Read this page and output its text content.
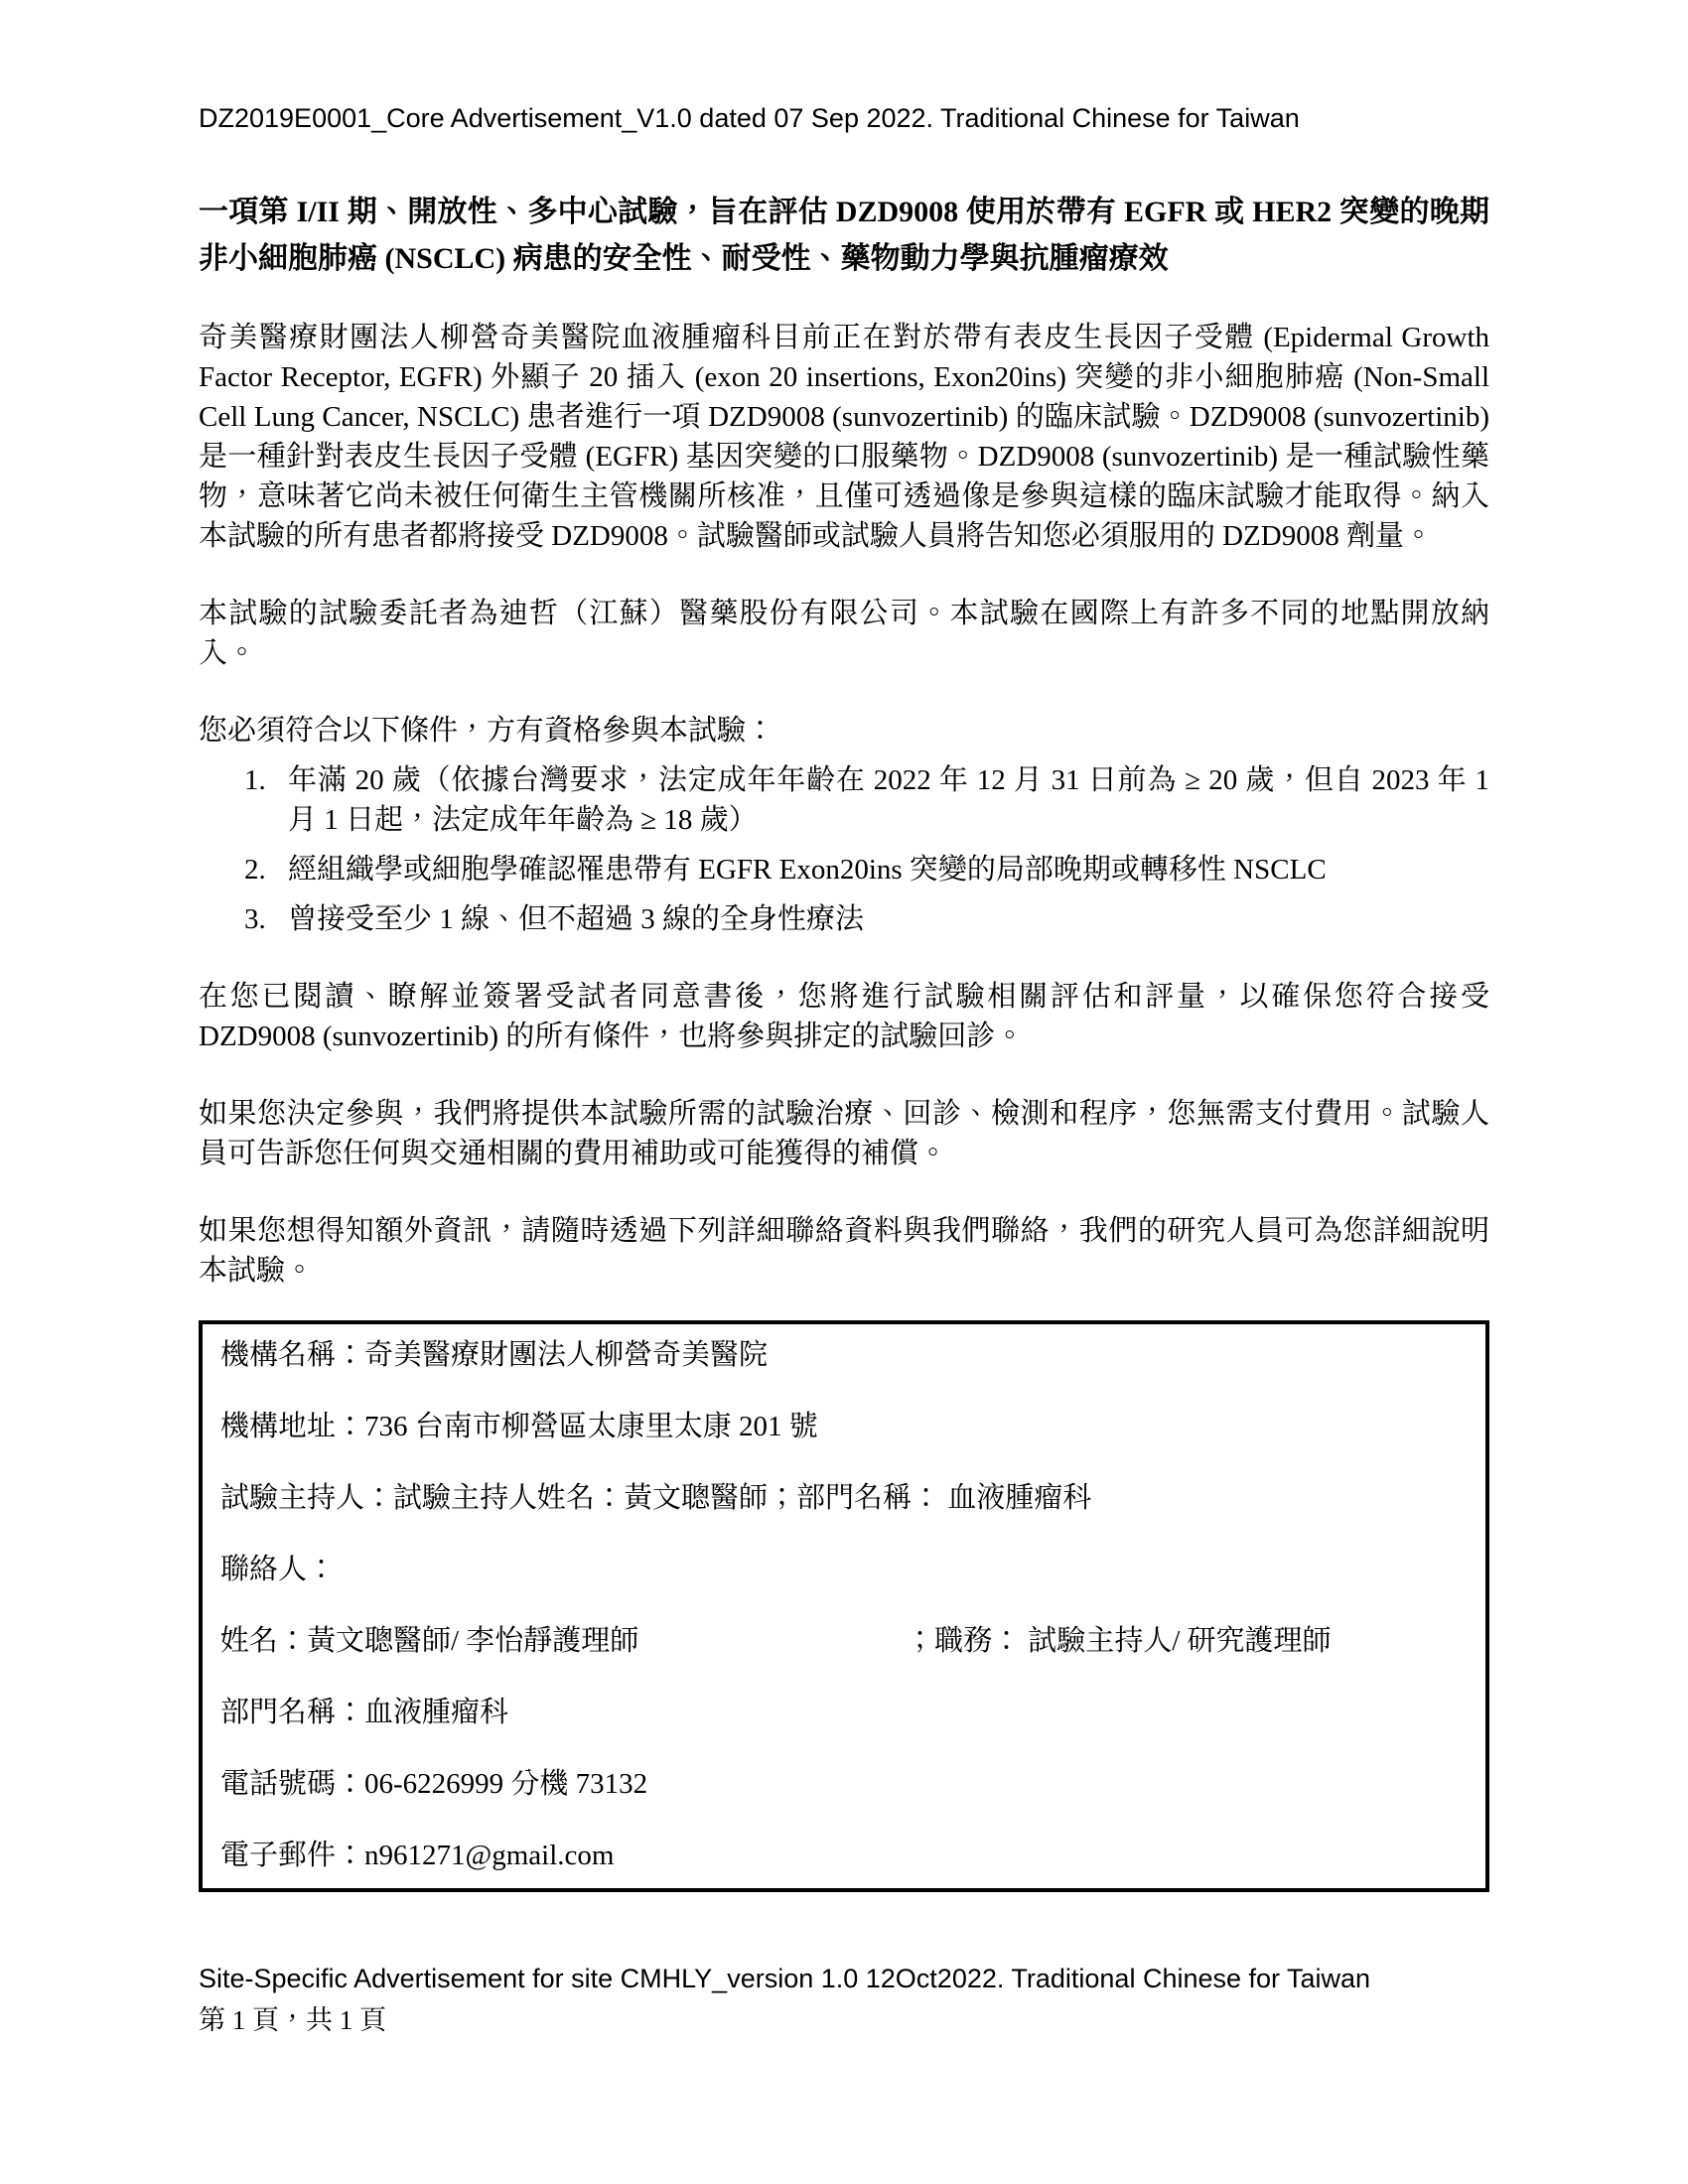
DZ2019E0001_Core Advertisement_V1.0 dated 07 Sep 2022. Traditional Chinese for Taiwan
一項第 I/II 期、開放性、多中心試驗，旨在評估 DZD9008 使用於帶有 EGFR 或 HER2 突變的晚期非小細胞肺癌 (NSCLC) 病患的安全性、耐受性、藥物動力學與抗腫瘤療效

奇美醫療財團法人柳營奇美醫院血液腫瘤科目前正在對於帶有表皮生長因子受體 (Epidermal Growth Factor Receptor, EGFR) 外顯子 20 插入 (exon 20 insertions, Exon20ins) 突變的非小細胞肺癌 (Non-Small Cell Lung Cancer, NSCLC) 患者進行一項 DZD9008 (sunvozertinib) 的臨床試驗。DZD9008 (sunvozertinib) 是一種針對表皮生長因子受體 (EGFR) 基因突變的口服藥物。DZD9008 (sunvozertinib) 是一種試驗性藥物，意味著它尚未被任何衛生主管機關所核准，且僅可透過像是參與這樣的臨床試驗才能取得。納入本試驗的所有患者都將接受 DZD9008。試驗醫師或試驗人員將告知您必須服用的 DZD9008 劑量。

本試驗的試驗委託者為迪哲（江蘇）醫藥股份有限公司。本試驗在國際上有許多不同的地點開放納入。

您必須符合以下條件，方有資格參與本試驗：

1. 年滿 20 歲（依據台灣要求，法定成年年齡在 2022 年 12 月 31 日前為 ≥ 20 歲，但自 2023 年 1 月 1 日起，法定成年年齡為 ≥ 18 歲）
2. 經組織學或細胞學確認罹患帶有 EGFR Exon20ins 突變的局部晚期或轉移性 NSCLC
3. 曾接受至少 1 線、但不超過 3 線的全身性療法

在您已閱讀、瞭解並簽署受試者同意書後，您將進行試驗相關評估和評量，以確保您符合接受 DZD9008 (sunvozertinib) 的所有條件，也將參與排定的試驗回診。

如果您決定參與，我們將提供本試驗所需的試驗治療、回診、檢測和程序，您無需支付費用。試驗人員可告訴您任何與交通相關的費用補助或可能獲得的補償。

如果您想得知額外資訊，請隨時透過下列詳細聯絡資料與我們聯絡，我們的研究人員可為您詳細說明本試驗。

機構名稱：奇美醫療財團法人柳營奇美醫院
機構地址：736 台南市柳營區太康里太康 201 號
試驗主持人：試驗主持人姓名：黃文聰醫師；部門名稱： 血液腫瘤科
聯絡人：
姓名：黃文聰醫師/ 李怡靜護理師	；職務： 試驗主持人/ 研究護理師
部門名稱：血液腫瘤科
電話號碼：06-6226999 分機 73132
電子郵件：n961271@gmail.com
Site-Specific Advertisement for site CMHLY_version 1.0 12Oct2022. Traditional Chinese for Taiwan
第 1 頁，共 1 頁
